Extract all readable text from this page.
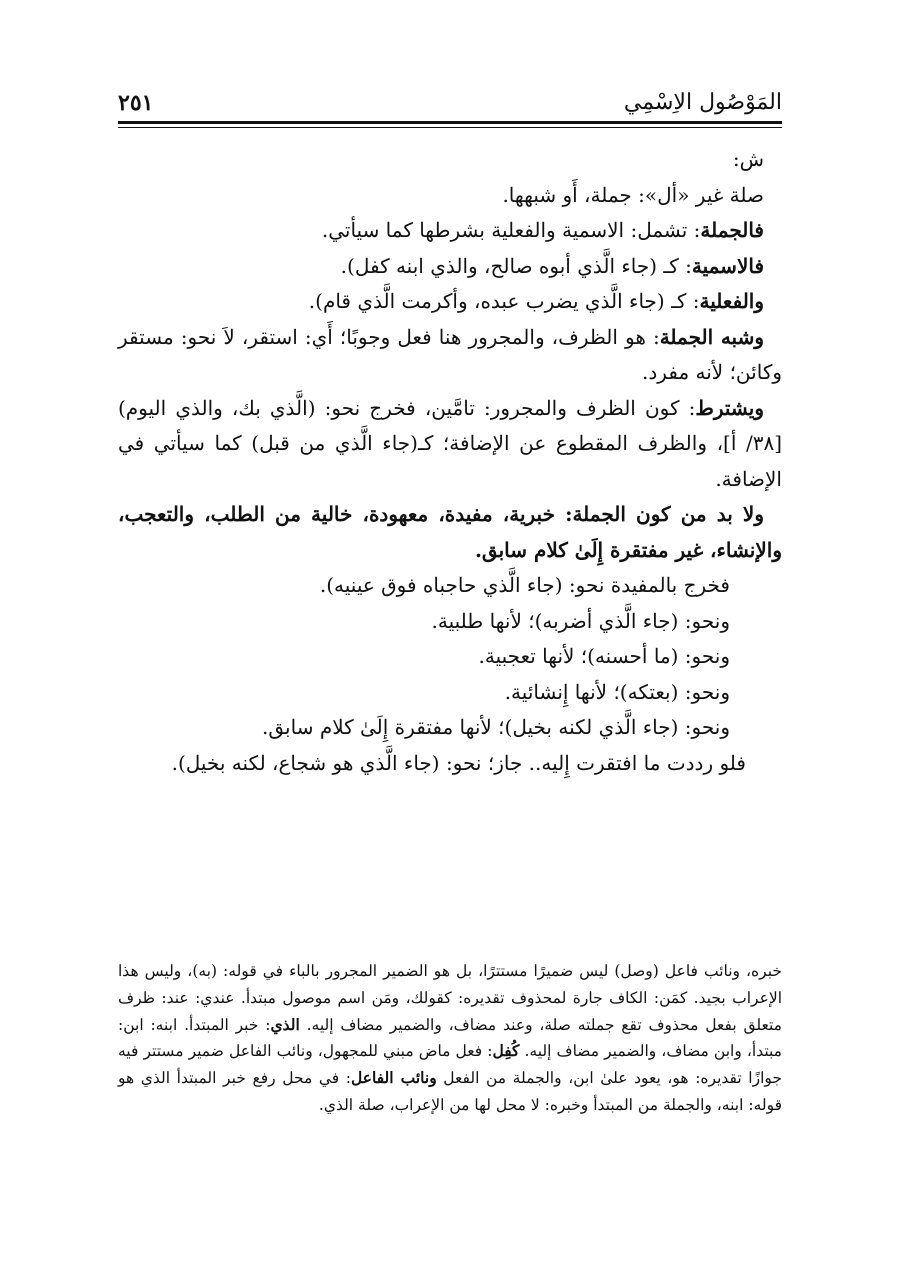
المَوْصُول الاِسْمِي
٢٥١

ش:

صلة غير «أل»: جملة، أَو شبهها.

فالجملة: تشمل: الاسمية والفعلية بشرطها كما سيأتي.

فالاسمية: كـ (جاء الَّذي أبوه صالح، والذي ابنه كفل).

والفعلية: كـ (جاء الَّذي يضرب عبده، وأكرمت الَّذي قام).

وشبه الجملة: هو الظرف، والمجرور هنا فعل وجوبًا؛ أَي: استقر، لاَ نحو: مستقر وكائن؛ لأنه مفرد.

ويشترط: كون الظرف والمجرور: تامَّين، فخرج نحو: (الَّذي بك، والذي اليوم) [٣٨/ أ]، والظرف المقطوع عن الإضافة؛ كـ(جاء الَّذي من قبل) كما سيأتي في الإضافة.

ولا بد من كون الجملة: خبرية، مفيدة، معهودة، خالية من الطلب، والتعجب، والإنشاء، غير مفتقرة إِلَىٰ كلام سابق.

فخرج بالمفيدة نحو: (جاء الَّذي حاجباه فوق عينيه).

ونحو: (جاء الَّذي أضربه)؛ لأنها طلبية.

ونحو: (ما أحسنه)؛ لأنها تعجبية.

ونحو: (بعتكه)؛ لأنها إِنشائية.

ونحو: (جاء الَّذي لكنه بخيل)؛ لأنها مفتقرة إِلَىٰ كلام سابق.

فلو رددت ما افتقرت إِليه.. جاز؛ نحو: (جاء الَّذي هو شجاع، لكنه بخيل).

خبره، ونائب فاعل (وصل) ليس ضميرًا مستترًا، بل هو الضمير المجرور بالباء في قوله: (به)، وليس هذا الإعراب بجيد. كمَن: الكاف جارة لمحذوف تقديره: كقولك، ومَن اسم موصول مبتدأ. عندي: عند: ظرف متعلق بفعل محذوف تقع جملته صلة، وعند مضاف، والضمير مضاف إليه. الذي: خبر المبتدأ. ابنه: ابن: مبتدأ، وابن مضاف، والضمير مضاف إليه. كُفِل: فعل ماض مبني للمجهول، ونائب الفاعل ضمير مستتر فيه جوازًا تقديره: هو، يعود علىٰ ابن، والجملة من الفعل ونائب الفاعل: في محل رفع خبر المبتدأ الذي هو قوله: ابنه، والجملة من المبتدأ وخبره: لا محل لها من الإعراب، صلة الذي.
